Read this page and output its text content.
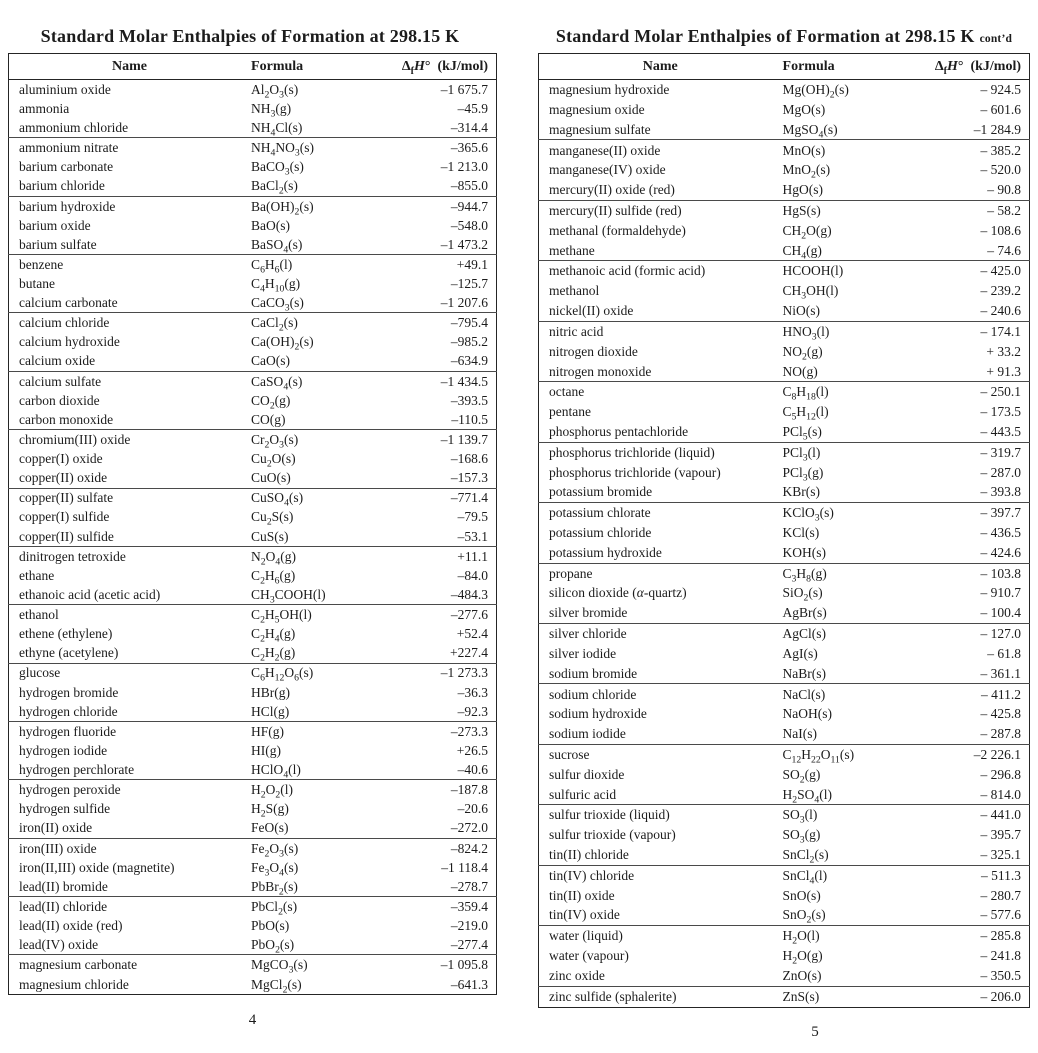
Standard Molar Enthalpies of Formation at 298.15 K
Name	Formula	$\Delta_fH^\circ$  (kJ/mol)
aluminium oxide	$Al_2O_3(s)$	–1 675.7
ammonia	$NH_3(g)$	–45.9
ammonium chloride	$NH_4Cl(s)$	–314.4
ammonium nitrate	$NH_4NO_3(s)$	–365.6
barium carbonate	BaCO$_3$(s)	–1 213.0
barium chloride	BaCl$_2$(s)	–855.0
barium hydroxide	$Ba(OH)_2(s)$	–944.7
barium oxide	BaO(s)	–548.0
barium sulfate	BaSO$_4$(s)	–1 473.2
benzene	$C_6H_6(l)$	+49.1
butane	$C_4H_{10}(g)$	–125.7
calcium carbonate	CaCO$_3$(s)	–1 207.6
calcium chloride	CaCl$_2$(s)	–795.4
calcium hydroxide	$Ca(OH)_2(s)$	–985.2
calcium oxide	CaO(s)	–634.9
calcium sulfate	CaSO$_4$(s)	–1 434.5
carbon dioxide	$CO_2(g)$	–393.5
carbon monoxide	CO(g)	–110.5
chromium(III) oxide	$Cr_2O_3(s)$	–1 139.7
copper(I) oxide	$Cu_2O(s)$	–168.6
copper(II) oxide	CuO(s)	–157.3
copper(II) sulfate	CuSO$_4$(s)	–771.4
copper(I) sulfide	$Cu_2S(s)$	–79.5
copper(II) sulfide	CuS(s)	–53.1
dinitrogen tetroxide	$N_2O_4(g)$	+11.1
ethane	$C_2H_6(g)$	–84.0
ethanoic acid (acetic acid)	$CH_3COOH(l)$	–484.3
ethanol	$C_2H_5OH(l)$	–277.6
ethene (ethylene)	$C_2H_4(g)$	+52.4
ethyne (acetylene)	$C_2H_2(g)$	+227.4
glucose	$C_6H_{12}O_6(s)$	–1 273.3
hydrogen bromide	HBr(g)	–36.3
hydrogen chloride	HCl(g)	–92.3
hydrogen fluoride	HF(g)	–273.3
hydrogen iodide	HI(g)	+26.5
hydrogen perchlorate	HClO$_4$(l)	–40.6
hydrogen peroxide	$H_2O_2(l)$	–187.8
hydrogen sulfide	$H_2S(g)$	–20.6
iron(II) oxide	FeO(s)	–272.0
iron(III) oxide	$Fe_2O_3(s)$	–824.2
iron(II,III) oxide (magnetite)	$Fe_3O_4(s)$	–1 118.4
lead(II) bromide	PbBr$_2$(s)	–278.7
lead(II) chloride	PbCl$_2$(s)	–359.4
lead(II) oxide (red)	PbO(s)	–219.0
lead(IV) oxide	PbO$_2$(s)	–277.4
magnesium carbonate	MgCO$_3$(s)	–1 095.8
magnesium chloride	MgCl$_2$(s)	–641.3
4
Standard Molar Enthalpies of Formation at 298.15 K cont’d
Name	Formula	$\Delta_fH^\circ$  (kJ/mol)
magnesium hydroxide	$Mg(OH)_2(s)$	– 924.5
magnesium oxide	MgO(s)	– 601.6
magnesium sulfate	MgSO$_4$(s)	–1 284.9
manganese(II) oxide	MnO(s)	– 385.2
manganese(IV) oxide	MnO$_2$(s)	– 520.0
mercury(II) oxide (red)	HgO(s)	– 90.8
mercury(II) sulfide (red)	HgS(s)	– 58.2
methanal (formaldehyde)	$CH_2O(g)$	– 108.6
methane	$CH_4(g)$	– 74.6
methanoic acid (formic acid)	HCOOH(l)	– 425.0
methanol	$CH_3OH(l)$	– 239.2
nickel(II) oxide	NiO(s)	– 240.6
nitric acid	$HNO_3(l)$	– 174.1
nitrogen dioxide	$NO_2(g)$	+ 33.2
nitrogen monoxide	NO(g)	+ 91.3
octane	$C_8H_{18}(l)$	– 250.1
pentane	$C_5H_{12}(l)$	– 173.5
phosphorus pentachloride	PCl$_5$(s)	– 443.5
phosphorus trichloride (liquid)	PCl$_3$(l)	– 319.7
phosphorus trichloride (vapour)	PCl$_3$(g)	– 287.0
potassium bromide	KBr(s)	– 393.8
potassium chlorate	KClO$_3$(s)	– 397.7
potassium chloride	KCl(s)	– 436.5
potassium hydroxide	KOH(s)	– 424.6
propane	$C_3H_8(g)$	– 103.8
silicon dioxide (α-quartz)	SiO$_2$(s)	– 910.7
silver bromide	AgBr(s)	– 100.4
silver chloride	AgCl(s)	– 127.0
silver iodide	AgI(s)	– 61.8
sodium bromide	NaBr(s)	– 361.1
sodium chloride	NaCl(s)	– 411.2
sodium hydroxide	NaOH(s)	– 425.8
sodium iodide	NaI(s)	– 287.8
sucrose	$C_{12}H_{22}O_{11}(s)$	–2 226.1
sulfur dioxide	$SO_2(g)$	– 296.8
sulfuric acid	$H_2SO_4(l)$	– 814.0
sulfur trioxide (liquid)	$SO_3(l)$	– 441.0
sulfur trioxide (vapour)	$SO_3(g)$	– 395.7
tin(II) chloride	SnCl$_2$(s)	– 325.1
tin(IV) chloride	SnCl$_4$(l)	– 511.3
tin(II) oxide	SnO(s)	– 280.7
tin(IV) oxide	SnO$_2$(s)	– 577.6
water (liquid)	$H_2O(l)$	– 285.8
water (vapour)	$H_2O(g)$	– 241.8
zinc oxide	ZnO(s)	– 350.5
zinc sulfide (sphalerite)	ZnS(s)	– 206.0
5
